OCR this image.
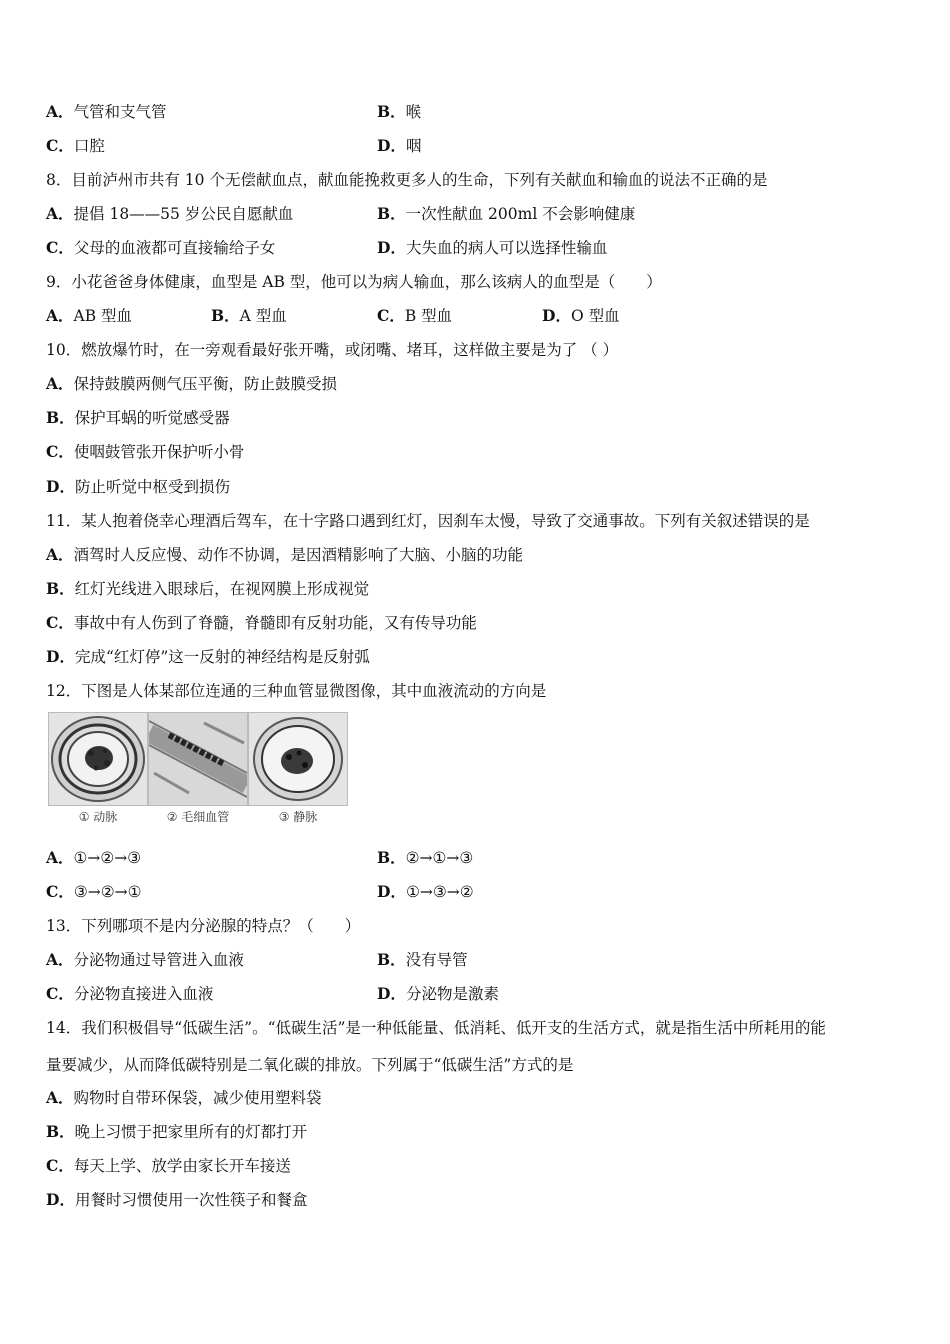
A．气管和支气管	B．喉
C．口腔	D．咽
8．目前泸州市共有 10 个无偿献血点，献血能挽救更多人的生命，下列有关献血和输血的说法不正确的是
A．提倡 18——55 岁公民自愿献血	B．一次性献血 200ml 不会影响健康
C．父母的血液都可直接输给子女	D．大失血的病人可以选择性输血
9．小花爸爸身体健康，血型是 AB 型，他可以为病人输血，那么该病人的血型是（　　）
A．AB 型血	B．A 型血	C．B 型血	D．O 型血
10．燃放爆竹时，在一旁观看最好张开嘴，或闭嘴、堵耳，这样做主要是为了 （ ）
A．保持鼓膜两侧气压平衡，防止鼓膜受损
B．保护耳蜗的听觉感受器
C．使咽鼓管张开保护听小骨
D．防止听觉中枢受到损伤
11．某人抱着侥幸心理酒后驾车，在十字路口遇到红灯，因刹车太慢，导致了交通事故。下列有关叙述错误的是
A．酒驾时人反应慢、动作不协调，是因酒精影响了大脑、小脑的功能
B．红灯光线进入眼球后，在视网膜上形成视觉
C．事故中有人伤到了脊髓，脊髓即有反射功能，又有传导功能
D．完成“红灯停”这一反射的神经结构是反射弧
12．下图是人体某部位连通的三种血管显微图像，其中血液流动的方向是
① 动脉	② 毛细血管	③ 静脉
A．①→②→③	B．②→①→③
C．③→②→①	D．①→③→②
13．下列哪项不是内分泌腺的特点？（　　）
A．分泌物通过导管进入血液	B．没有导管
C．分泌物直接进入血液	D．分泌物是激素
14．我们积极倡导“低碳生活”。“低碳生活”是一种低能量、低消耗、低开支的生活方式，就是指生活中所耗用的能
量要减少，从而降低碳特别是二氧化碳的排放。下列属于“低碳生活”方式的是
A．购物时自带环保袋，减少使用塑料袋
B．晚上习惯于把家里所有的灯都打开
C．每天上学、放学由家长开车接送
D．用餐时习惯使用一次性筷子和餐盒
